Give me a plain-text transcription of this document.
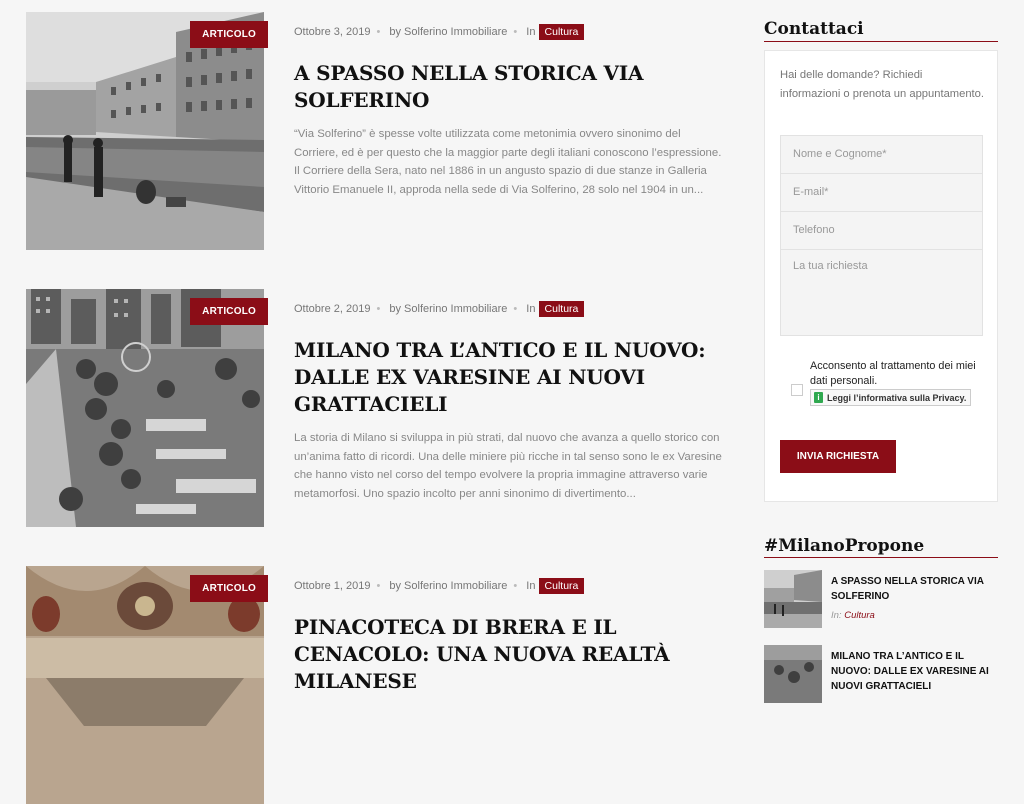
ARTICOLO	Ottobre 3, 2019 • by Solferino Immobiliare • In Cultura
A SPASSO NELLA STORICA VIA SOLFERINO

“Via Solferino” è spesse volte utilizzata come metonimia ovvero sinonimo del Corriere, ed è per questo che la maggior parte degli italiani conoscono l’espressione. Il Corriere della Sera, nato nel 1886 in un angusto spazio di due stanze in Galleria Vittorio Emanuele II, approda nella sede di Via Solferino, 28 solo nel 1904 in un...

ARTICOLO	Ottobre 2, 2019 • by Solferino Immobiliare • In Cultura
MILANO TRA L’ANTICO E IL NUOVO: DALLE EX VARESINE AI NUOVI GRATTACIELI

La storia di Milano si sviluppa in più strati, dal nuovo che avanza a quello storico con un’anima fatto di ricordi. Una delle miniere più ricche in tal senso sono le ex Varesine che hanno visto nel corso del tempo evolvere la propria immagine attraverso varie metamorfosi. Uno spazio incolto per anni sinonimo di divertimento...

ARTICOLO	Ottobre 1, 2019 • by Solferino Immobiliare • In Cultura
PINACOTECA DI BRERA E IL CENACOLO: UNA NUOVA REALTÀ MILANESE
Contattaci

Hai delle domande? Richiedi informazioni o prenota un appuntamento.

Nome e Cognome*
E-mail*
Telefono
La tua richiesta

Acconsento al trattamento dei miei dati personali.

i Leggi l’informativa sulla Privacy.
INVIA RICHIESTA
#MilanoPropone
A SPASSO NELLA STORICA VIA SOLFERINO
In: Cultura
MILANO TRA L’ANTICO E IL NUOVO: DALLE EX VARESINE AI NUOVI GRATTACIELI
